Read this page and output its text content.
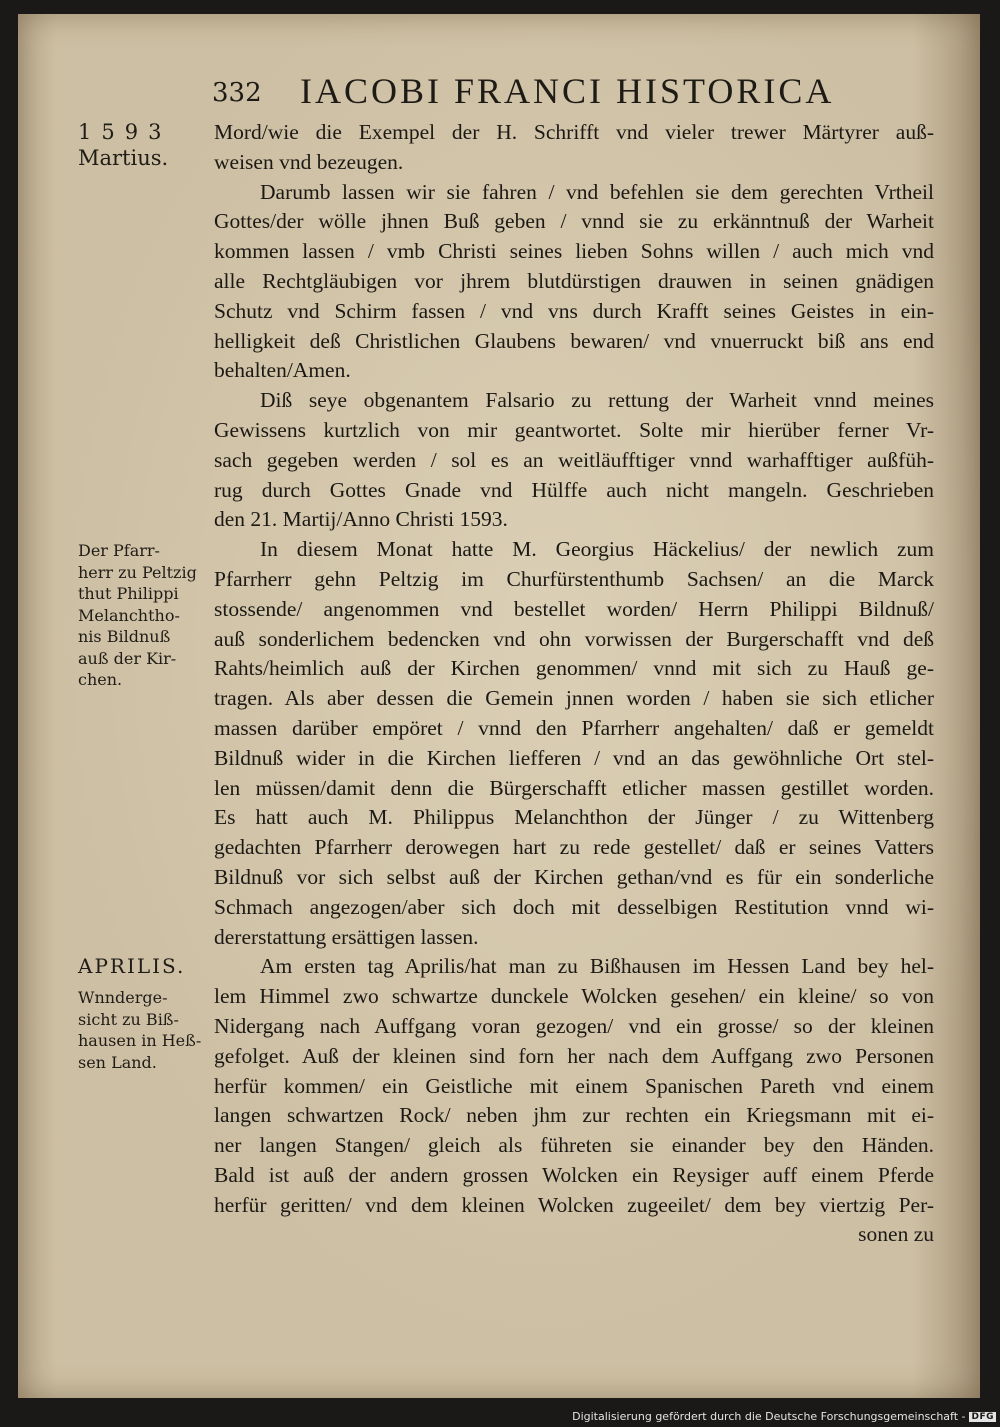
332 IACOBI FRANCI HISTORICA
1593
Martius.
Der Pfarr-
herr zu Peltzig
thut Philippi
Melanchtho-
nis Bildnuß
auß der Kir-
chen.
APRILIS.
Wnnderge-
sicht zu Biß-
hausen in Heß-
sen Land.
Mord/wie die Exempel der H. Schrifft vnd vieler trewer Märtyrer auß-
weisen vnd bezeugen.
Darumb lassen wir sie fahren / vnd befehlen sie dem gerechten Vrtheil
Gottes/der wölle jhnen Buß geben / vnnd sie zu erkänntnuß der Warheit
kommen lassen / vmb Christi seines lieben Sohns willen / auch mich vnd
alle Rechtgläubigen vor jhrem blutdürstigen drauwen in seinen gnädigen
Schutz vnd Schirm fassen / vnd vns durch Krafft seines Geistes in ein-
helligkeit deß Christlichen Glaubens bewaren/ vnd vnuerruckt biß ans end
behalten/Amen.
Diß seye obgenantem Falsario zu rettung der Warheit vnnd meines
Gewissens kurtzlich von mir geantwortet. Solte mir hierüber ferner Vr-
sach gegeben werden / sol es an weitläufftiger vnnd warhafftiger außfüh-
rug durch Gottes Gnade vnd Hülffe auch nicht mangeln. Geschrieben
den 21. Martij/Anno Christi 1593.
In diesem Monat hatte M. Georgius Häckelius/ der newlich zum
Pfarrherr gehn Peltzig im Churfürstenthumb Sachsen/ an die Marck
stossende/ angenommen vnd bestellet worden/ Herrn Philippi Bildnuß/
auß sonderlichem bedencken vnd ohn vorwissen der Burgerschafft vnd deß
Rahts/heimlich auß der Kirchen genommen/ vnnd mit sich zu Hauß ge-
tragen. Als aber dessen die Gemein jnnen worden / haben sie sich etlicher
massen darüber empöret / vnnd den Pfarrherr angehalten/ daß er gemeldt
Bildnuß wider in die Kirchen liefferen / vnd an das gewöhnliche Ort stel-
len müssen/damit denn die Bürgerschafft etlicher massen gestillet worden.
Es hatt auch M. Philippus Melanchthon der Jünger / zu Wittenberg
gedachten Pfarrherr derowegen hart zu rede gestellet/ daß er seines Vatters
Bildnuß vor sich selbst auß der Kirchen gethan/vnd es für ein sonderliche
Schmach angezogen/aber sich doch mit desselbigen Restitution vnnd wi-
dererstattung ersättigen lassen.
Am ersten tag Aprilis/hat man zu Bißhausen im Hessen Land bey hel-
lem Himmel zwo schwartze dunckele Wolcken gesehen/ ein kleine/ so von
Nidergang nach Auffgang voran gezogen/ vnd ein grosse/ so der kleinen
gefolget. Auß der kleinen sind forn her nach dem Auffgang zwo Personen
herfür kommen/ ein Geistliche mit einem Spanischen Pareth vnd einem
langen schwartzen Rock/ neben jhm zur rechten ein Kriegsmann mit ei-
ner langen Stangen/ gleich als führeten sie einander bey den Händen.
Bald ist auß der andern grossen Wolcken ein Reysiger auff einem Pferde
herfür geritten/ vnd dem kleinen Wolcken zugeeilet/ dem bey viertzig Per-
sonen zu
Digitalisierung gefördert durch die Deutsche Forschungsgemeinschaft - DFG
